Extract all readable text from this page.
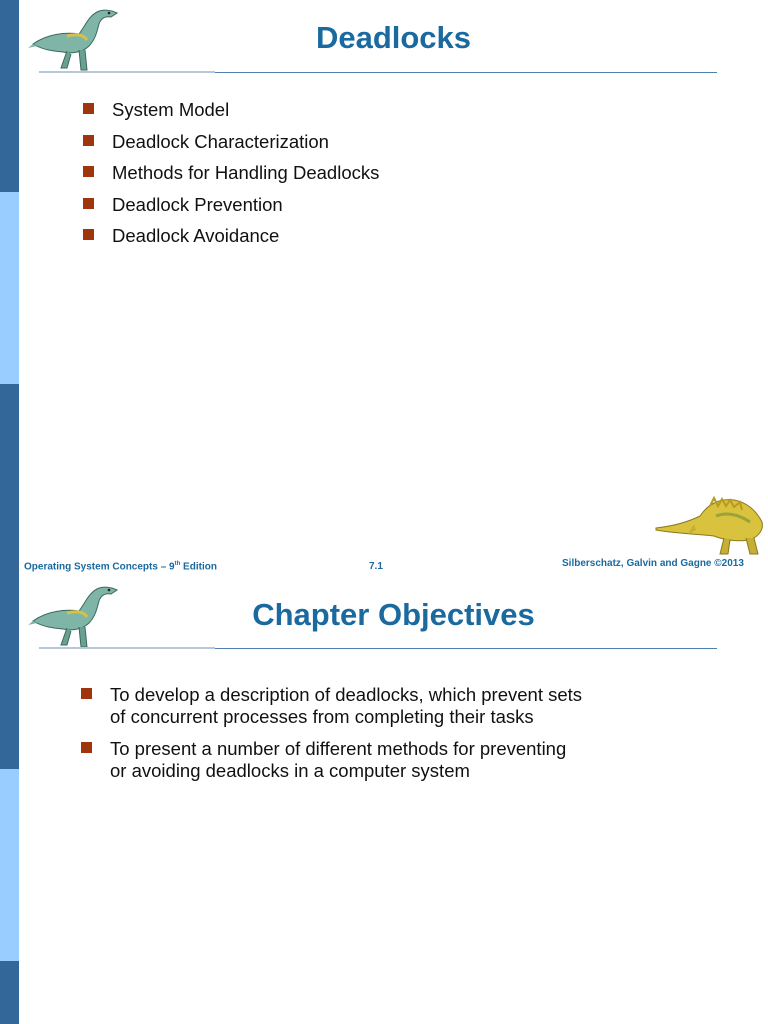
Deadlocks
System Model
Deadlock Characterization
Methods for Handling Deadlocks
Deadlock Prevention
Deadlock Avoidance
Operating System Concepts – 9th Edition	7.1	Silberschatz, Galvin and Gagne ©2013
Chapter Objectives
To develop a description of deadlocks, which prevent sets of concurrent processes from completing their tasks
To present a number of different methods for preventing or avoiding deadlocks in a computer system
